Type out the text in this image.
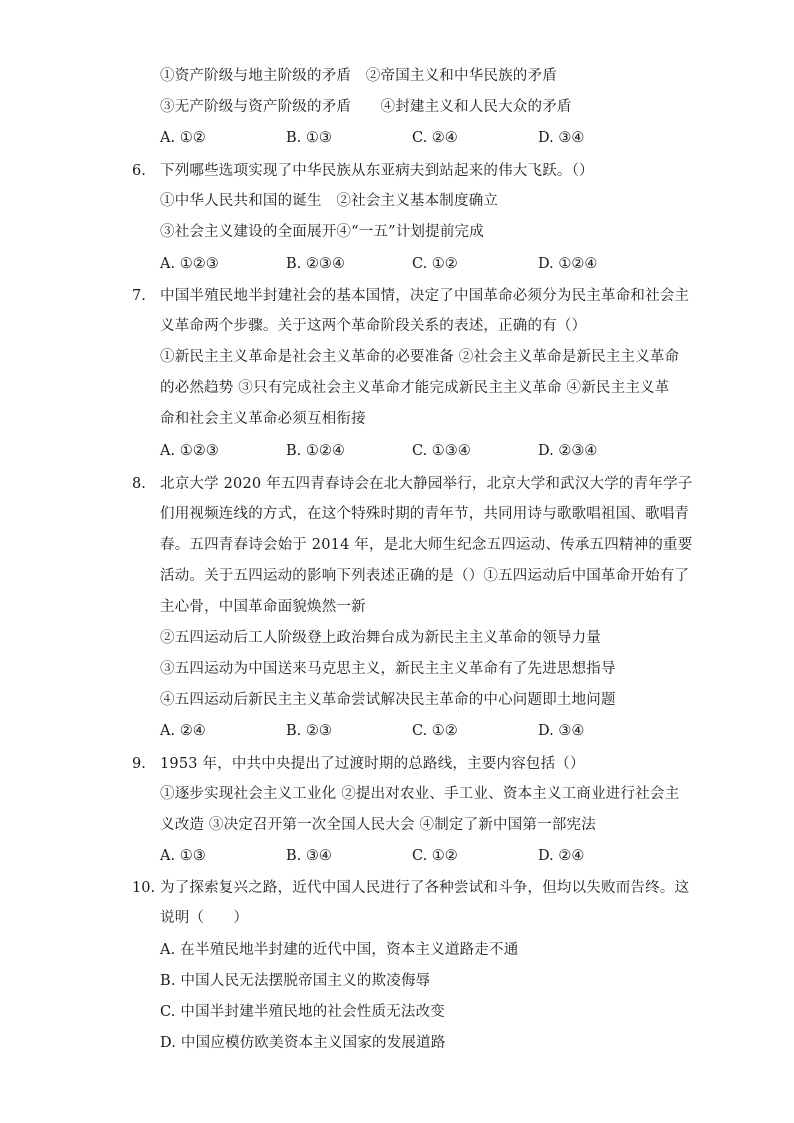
①资产阶级与地主阶级的矛盾　②帝国主义和中华民族的矛盾
③无产阶级与资产阶级的矛盾　　④封建主义和人民大众的矛盾
A. ①②	B. ①③	C. ②④	D. ③④
6. 下列哪些选项实现了中华民族从东亚病夫到站起来的伟大飞跃。（）
①中华人民共和国的诞生　②社会主义基本制度确立
③社会主义建设的全面展开④“一五”计划提前完成
A. ①②③	B. ②③④	C. ①②	D. ①②④
7. 中国半殖民地半封建社会的基本国情，决定了中国革命必须分为民主革命和社会主
义革命两个步骤。关于这两个革命阶段关系的表述，正确的有（）
①新民主主义革命是社会主义革命的必要准备 ②社会主义革命是新民主主义革命
的必然趋势 ③只有完成社会主义革命才能完成新民主主义革命 ④新民主主义革
命和社会主义革命必须互相衔接
A. ①②③	B. ①②④	C. ①③④	D. ②③④
8. 北京大学 2020 年五四青春诗会在北大静园举行，北京大学和武汉大学的青年学子
们用视频连线的方式，在这个特殊时期的青年节，共同用诗与歌歌唱祖国、歌唱青
春。五四青春诗会始于 2014 年，是北大师生纪念五四运动、传承五四精神的重要
活动。关于五四运动的影响下列表述正确的是（）①五四运动后中国革命开始有了
主心骨，中国革命面貌焕然一新
②五四运动后工人阶级登上政治舞台成为新民主主义革命的领导力量
③五四运动为中国送来马克思主义，新民主主义革命有了先进思想指导
④五四运动后新民主主义革命尝试解决民主革命的中心问题即土地问题
A. ②④	B. ②③	C. ①②	D. ③④
9. 1953 年，中共中央提出了过渡时期的总路线，主要内容包括（）
①逐步实现社会主义工业化 ②提出对农业、手工业、资本主义工商业进行社会主
义改造 ③决定召开第一次全国人民大会 ④制定了新中国第一部宪法
A. ①③	B. ③④	C. ①②	D. ②④
10. 为了探索复兴之路，近代中国人民进行了各种尝试和斗争，但均以失败而告终。这
说明（　　）
A. 在半殖民地半封建的近代中国，资本主义道路走不通
B. 中国人民无法摆脱帝国主义的欺凌侮辱
C. 中国半封建半殖民地的社会性质无法改变
D. 中国应模仿欧美资本主义国家的发展道路
